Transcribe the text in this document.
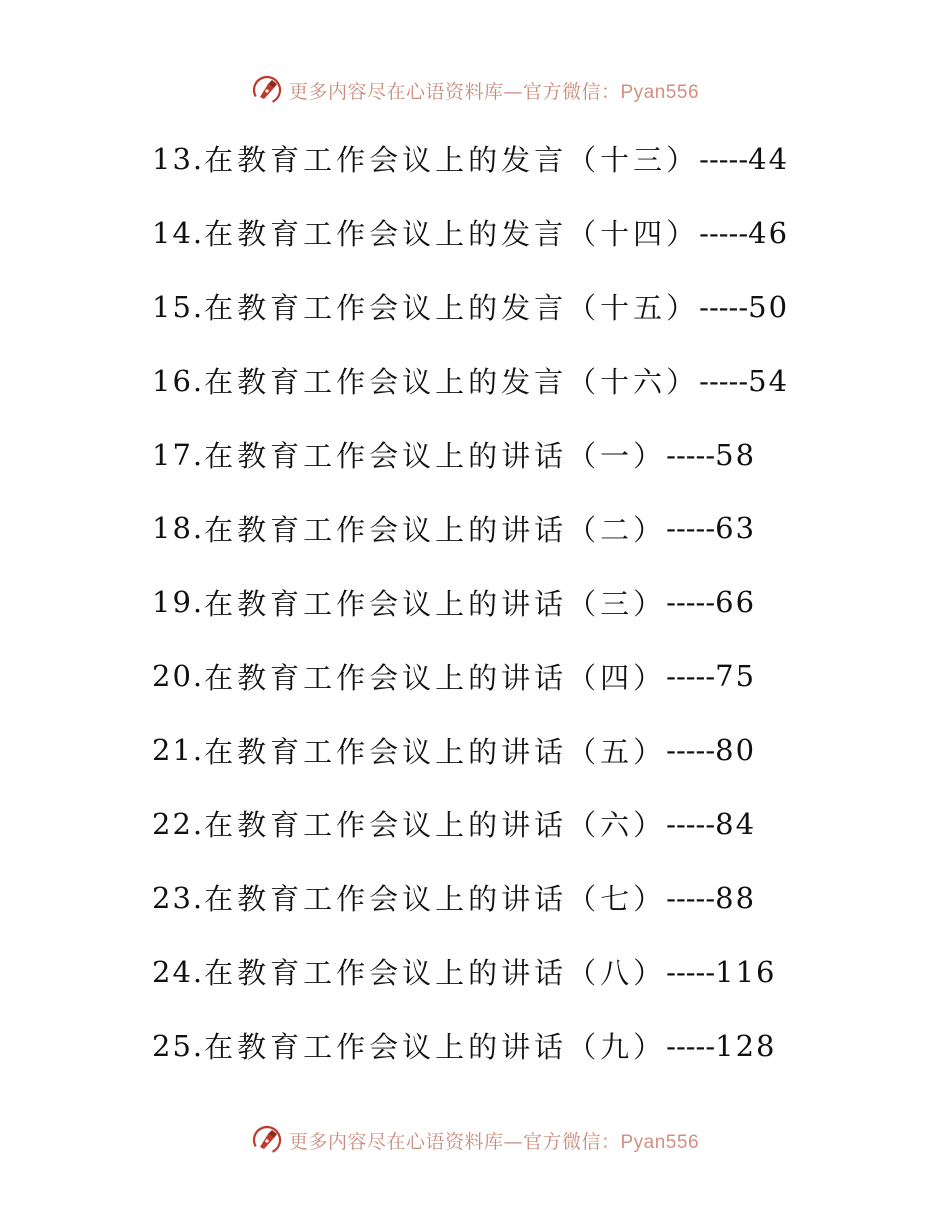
更多内容尽在心语资料库—官方微信：Pyan556
13. 在教育工作会议上的发言（十三） ----- 44
14. 在教育工作会议上的发言（十四） ----- 46
15. 在教育工作会议上的发言（十五） ----- 50
16. 在教育工作会议上的发言（十六） ----- 54
17. 在教育工作会议上的讲话（一） ----- 58
18. 在教育工作会议上的讲话（二） ----- 63
19. 在教育工作会议上的讲话（三） ----- 66
20. 在教育工作会议上的讲话（四） ----- 75
21. 在教育工作会议上的讲话（五） ----- 80
22. 在教育工作会议上的讲话（六） ----- 84
23. 在教育工作会议上的讲话（七） ----- 88
24. 在教育工作会议上的讲话（八） ----- 116
25. 在教育工作会议上的讲话（九） ----- 128
更多内容尽在心语资料库—官方微信：Pyan556
